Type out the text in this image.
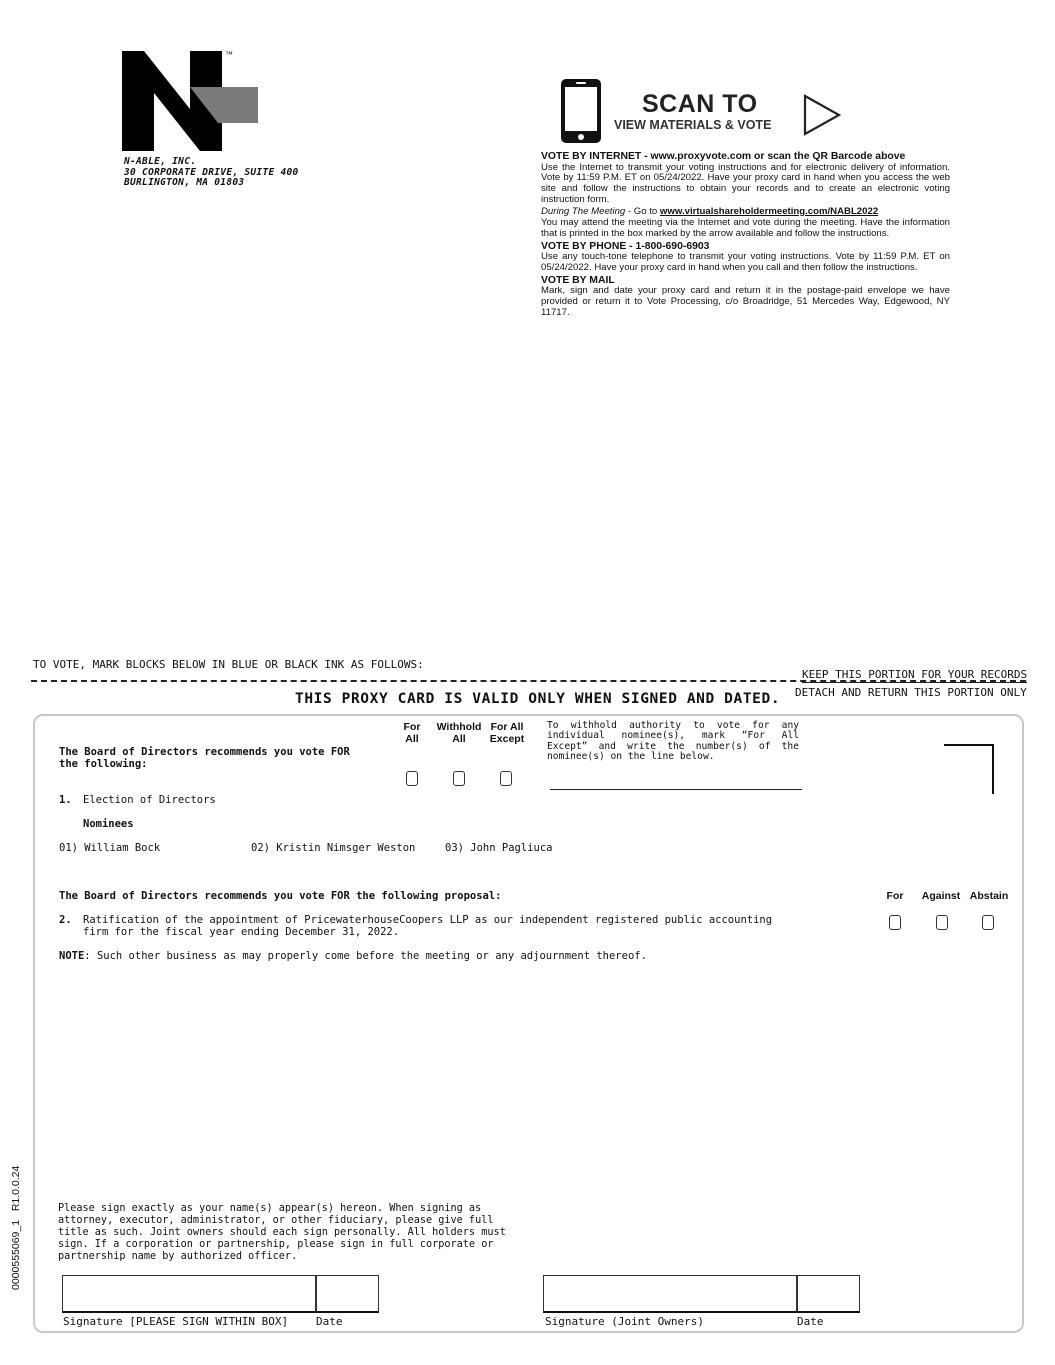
™
N-ABLE, INC.
30 CORPORATE DRIVE, SUITE 400
BURLINGTON, MA 01803
SCAN TO
VIEW MATERIALS & VOTE
VOTE BY INTERNET - www.proxyvote.com or scan the QR Barcode above

Use the Internet to transmit your voting instructions and for electronic delivery of information. Vote by 11:59 P.M. ET on 05/24/2022. Have your proxy card in hand when you access the web site and follow the instructions to obtain your records and to create an electronic voting instruction form.

During The Meeting - Go to www.virtualshareholdermeeting.com/NABL2022

You may attend the meeting via the Internet and vote during the meeting. Have the information that is printed in the box marked by the arrow available and follow the instructions.

VOTE BY PHONE - 1-800-690-6903

Use any touch-tone telephone to transmit your voting instructions. Vote by 11:59 P.M. ET on 05/24/2022. Have your proxy card in hand when you call and then follow the instructions.

VOTE BY MAIL

Mark, sign and date your proxy card and return it in the postage-paid envelope we have provided or return it to Vote Processing, c/o Broadridge, 51 Mercedes Way, Edgewood, NY 11717.

TO VOTE, MARK BLOCKS BELOW IN BLUE OR BLACK INK AS FOLLOWS:
KEEP THIS PORTION FOR YOUR RECORDS
DETACH AND RETURN THIS PORTION ONLY
THIS PROXY CARD IS VALID ONLY WHEN SIGNED AND DATED.
For
All
Withhold
All
For All
Except
To withhold authority to vote for any individual nominee(s), mark “For All Except” and write the number(s) of the nominee(s) on the line below.
The Board of Directors recommends you vote FOR
the following:
1. Election of Directors
Nominees
01) William Bock	02) Kristin Nimsger Weston	03) John Pagliuca
The Board of Directors recommends you vote FOR the following proposal:	For	Against Abstain
2. Ratification of the appointment of PricewaterhouseCoopers LLP as our independent registered public accounting
firm for the fiscal year ending December 31, 2022.
NOTE: Such other business as may properly come before the meeting or any adjournment thereof.
Please sign exactly as your name(s) appear(s) hereon. When signing as attorney, executor, administrator, or other fiduciary, please give full title as such. Joint owners should each sign personally. All holders must sign. If a corporation or partnership, please sign in full corporate or partnership name by authorized officer.
Signature [PLEASE SIGN WITHIN BOX]	Date	Signature (Joint Owners)	Date
0000555069_1   R1.0.0.24
